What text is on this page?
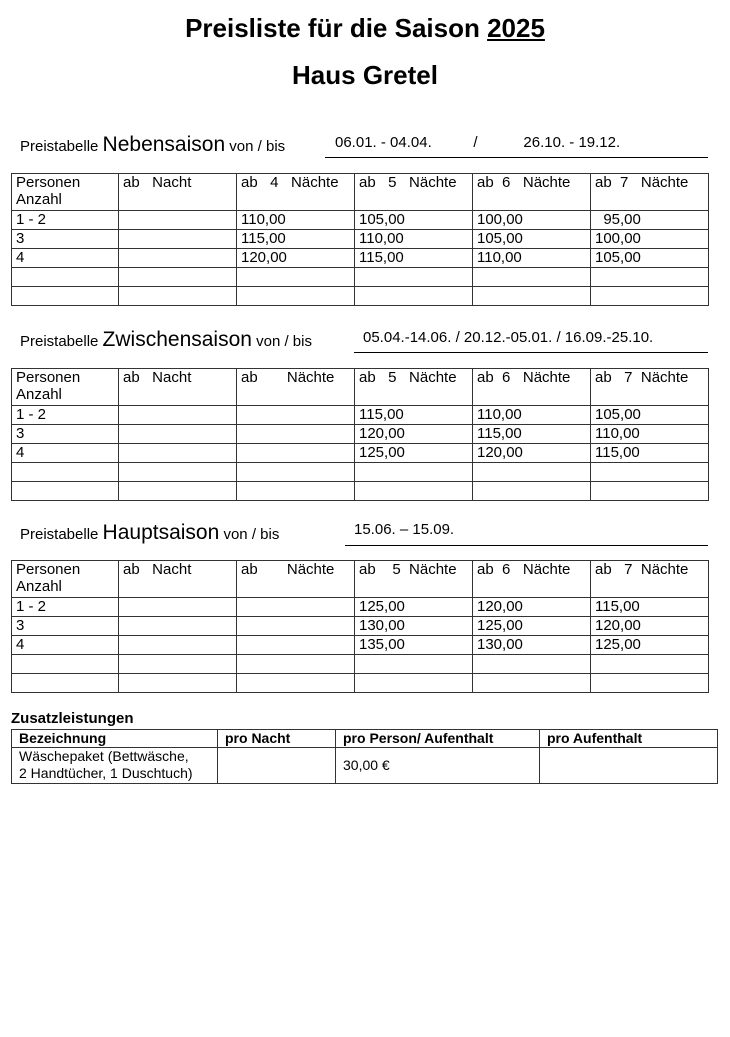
Preisliste für die Saison 2025
Haus Gretel
Preistabelle Nebensaison von / bis	06.01. - 04.04.          /           26.10. - 19.12.
Personen
Anzahl	ab   Nacht	ab   4   Nächte	ab   5   Nächte	ab  6   Nächte	ab  7   Nächte
1 - 2		110,00	105,00	100,00	95,00
3		115,00	110,00	105,00	100,00
4		120,00	115,00	110,00	105,00

Preistabelle Zwischensaison von / bis	05.04.-14.06. / 20.12.-05.01. / 16.09.-25.10.
Personen
Anzahl	ab   Nacht	ab       Nächte	ab   5   Nächte	ab  6   Nächte	ab   7  Nächte
1 - 2			115,00	110,00	105,00
3			120,00	115,00	110,00
4			125,00	120,00	115,00

Preistabelle Hauptsaison von / bis	15.06. – 15.09.
Personen
Anzahl	ab   Nacht	ab       Nächte	ab    5  Nächte	ab  6   Nächte	ab   7  Nächte
1 - 2			125,00	120,00	115,00
3			130,00	125,00	120,00
4			135,00	130,00	125,00

Zusatzleistungen
Bezeichnung	pro Nacht	pro Person/ Aufenthalt	pro Aufenthalt
Wäschepaket (Bettwäsche,
2 Handtücher, 1 Duschtuch)		30,00 €	
